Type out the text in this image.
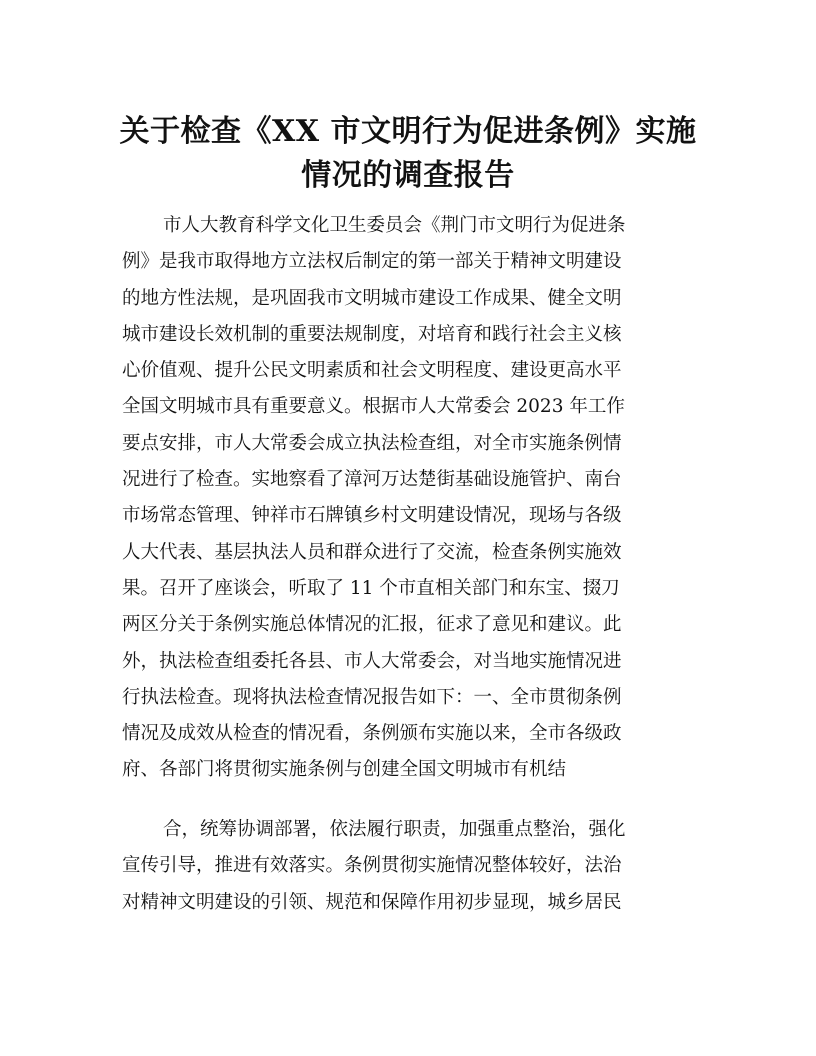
关于检查《XX 市文明行为促进条例》实施
情况的调查报告
市人大教育科学文化卫生委员会《荆门市文明行为促进条
例》是我市取得地方立法权后制定的第一部关于精神文明建设
的地方性法规，是巩固我市文明城市建设工作成果、健全文明
城市建设长效机制的重要法规制度，对培育和践行社会主义核
心价值观、提升公民文明素质和社会文明程度、建设更高水平
全国文明城市具有重要意义。根据市人大常委会 2023 年工作
要点安排，市人大常委会成立执法检查组，对全市实施条例情
况进行了检查。实地察看了漳河万达楚街基础设施管护、南台
市场常态管理、钟祥市石牌镇乡村文明建设情况，现场与各级
人大代表、基层执法人员和群众进行了交流，检查条例实施效
果。召开了座谈会，听取了 11 个市直相关部门和东宝、掇刀
两区分关于条例实施总体情况的汇报，征求了意见和建议。此
外，执法检查组委托各县、市人大常委会，对当地实施情况进
行执法检查。现将执法检查情况报告如下：一、全市贯彻条例
情况及成效从检查的情况看，条例颁布实施以来，全市各级政
府、各部门将贯彻实施条例与创建全国文明城市有机结
合，统筹协调部署，依法履行职责，加强重点整治，强化
宣传引导，推进有效落实。条例贯彻实施情况整体较好，法治
对精神文明建设的引领、规范和保障作用初步显现，城乡居民
